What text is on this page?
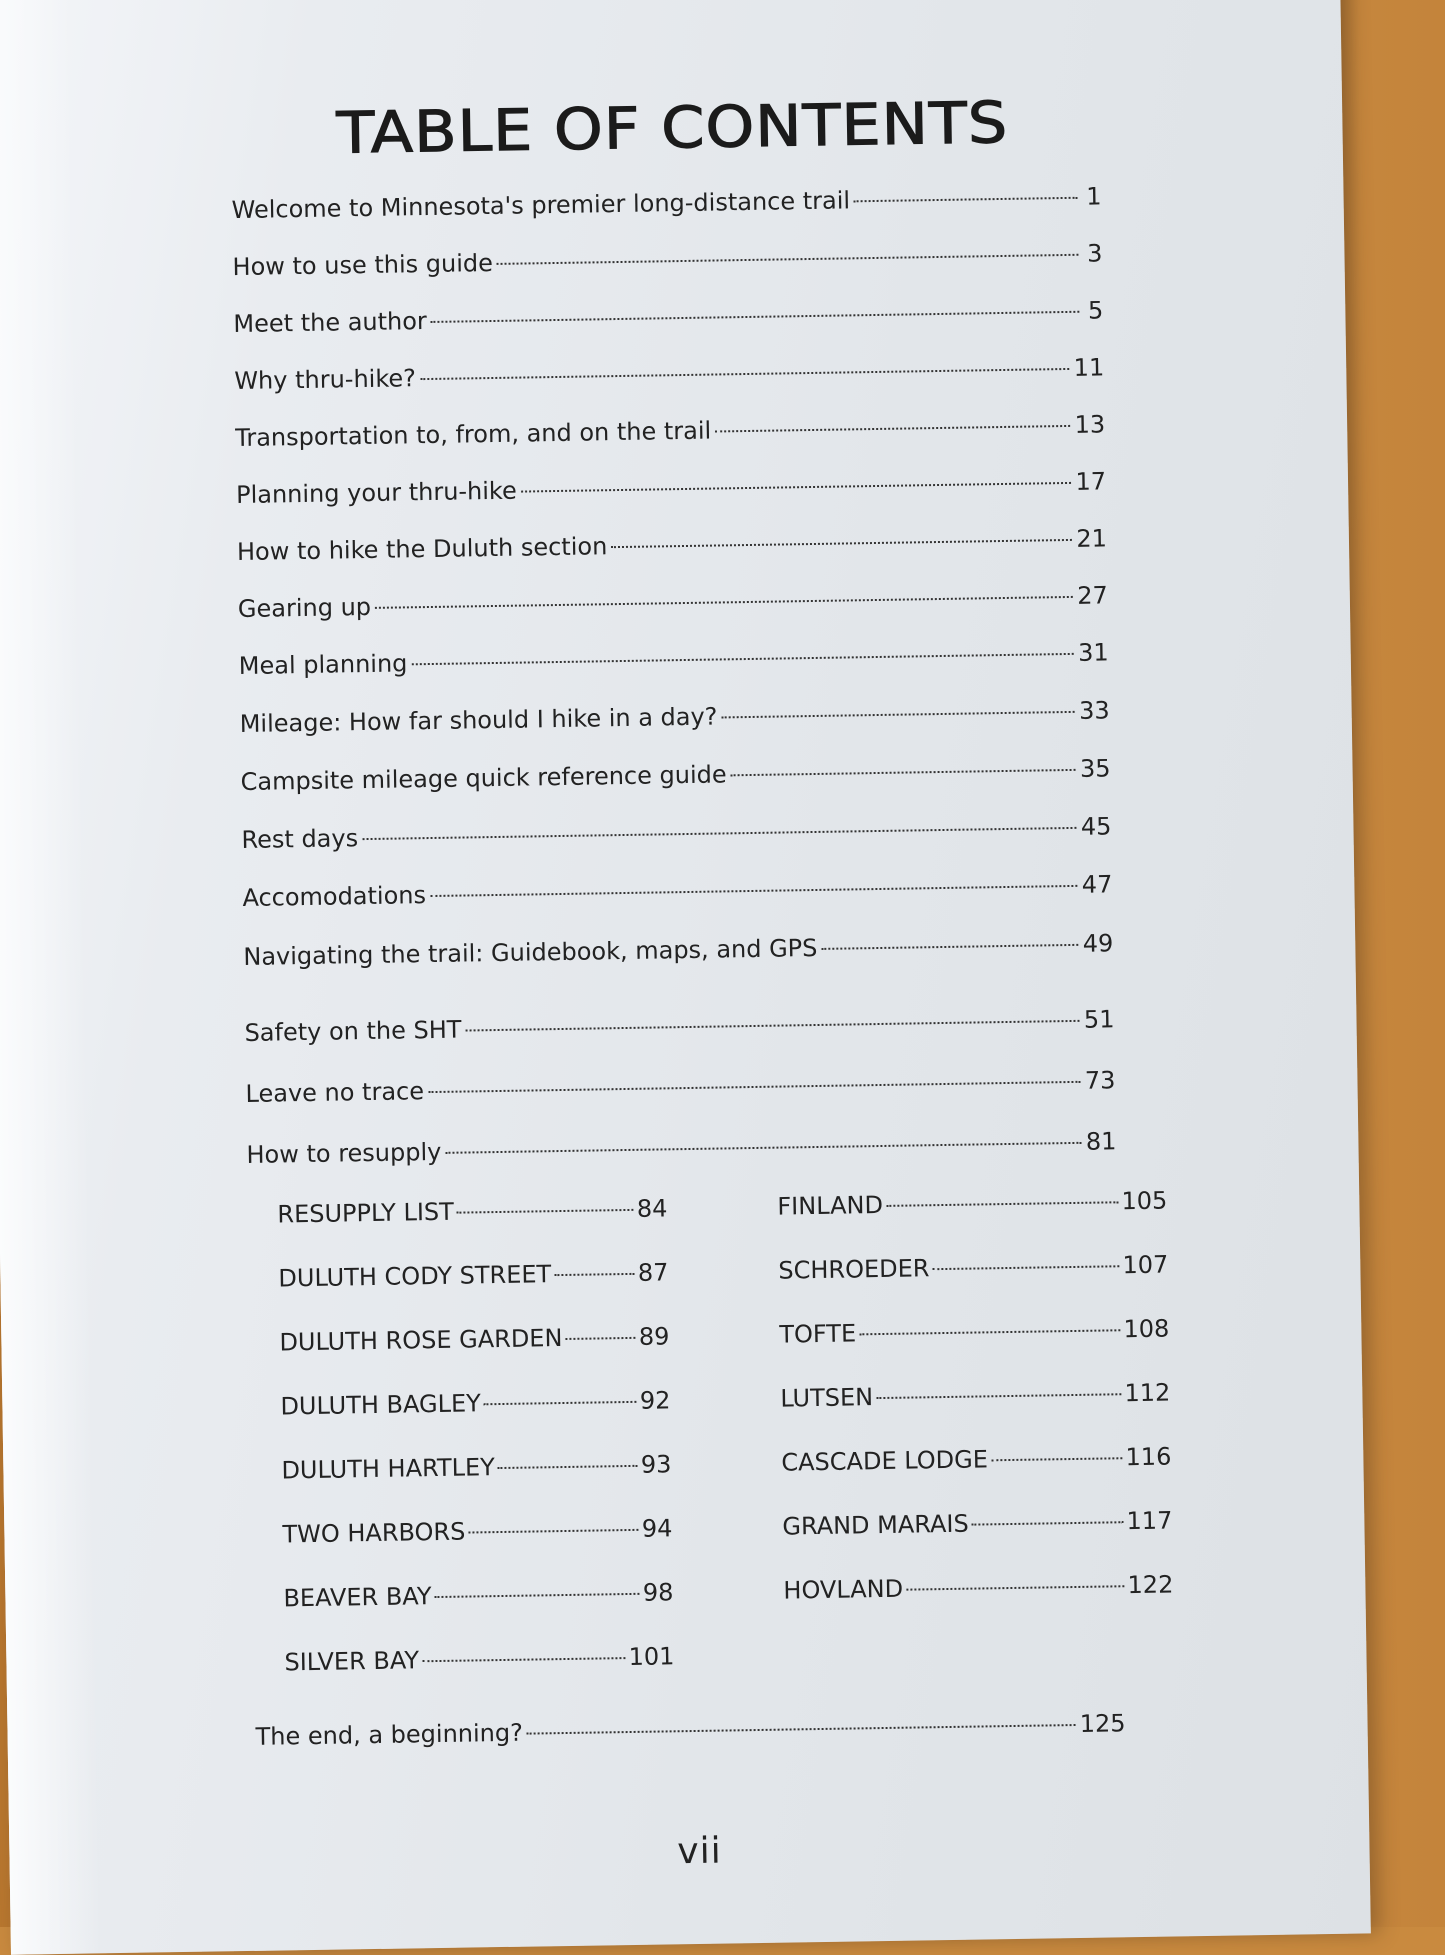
TABLE OF CONTENTS
Welcome to Minnesota's premier long-distance trail	1
How to use this guide	3
Meet the author	5
Why thru-hike?	11
Transportation to, from, and on the trail	13
Planning your thru-hike	17
How to hike the Duluth section	21
Gearing up	27
Meal planning	31
Mileage: How far should I hike in a day?	33
Campsite mileage quick reference guide	35
Rest days	45
Accomodations	47
Navigating the trail: Guidebook, maps, and GPS	49
Safety on the SHT	51
Leave no trace	73
How to resupply	81
RESUPPLY LIST	84
DULUTH CODY STREET	87
DULUTH ROSE GARDEN	89
DULUTH BAGLEY	92
DULUTH HARTLEY	93
TWO HARBORS	94
BEAVER BAY	98
SILVER BAY	101
FINLAND	105
SCHROEDER	107
TOFTE	108
LUTSEN	112
CASCADE LODGE	116
GRAND MARAIS	117
HOVLAND	122
The end, a beginning?	125
vii
